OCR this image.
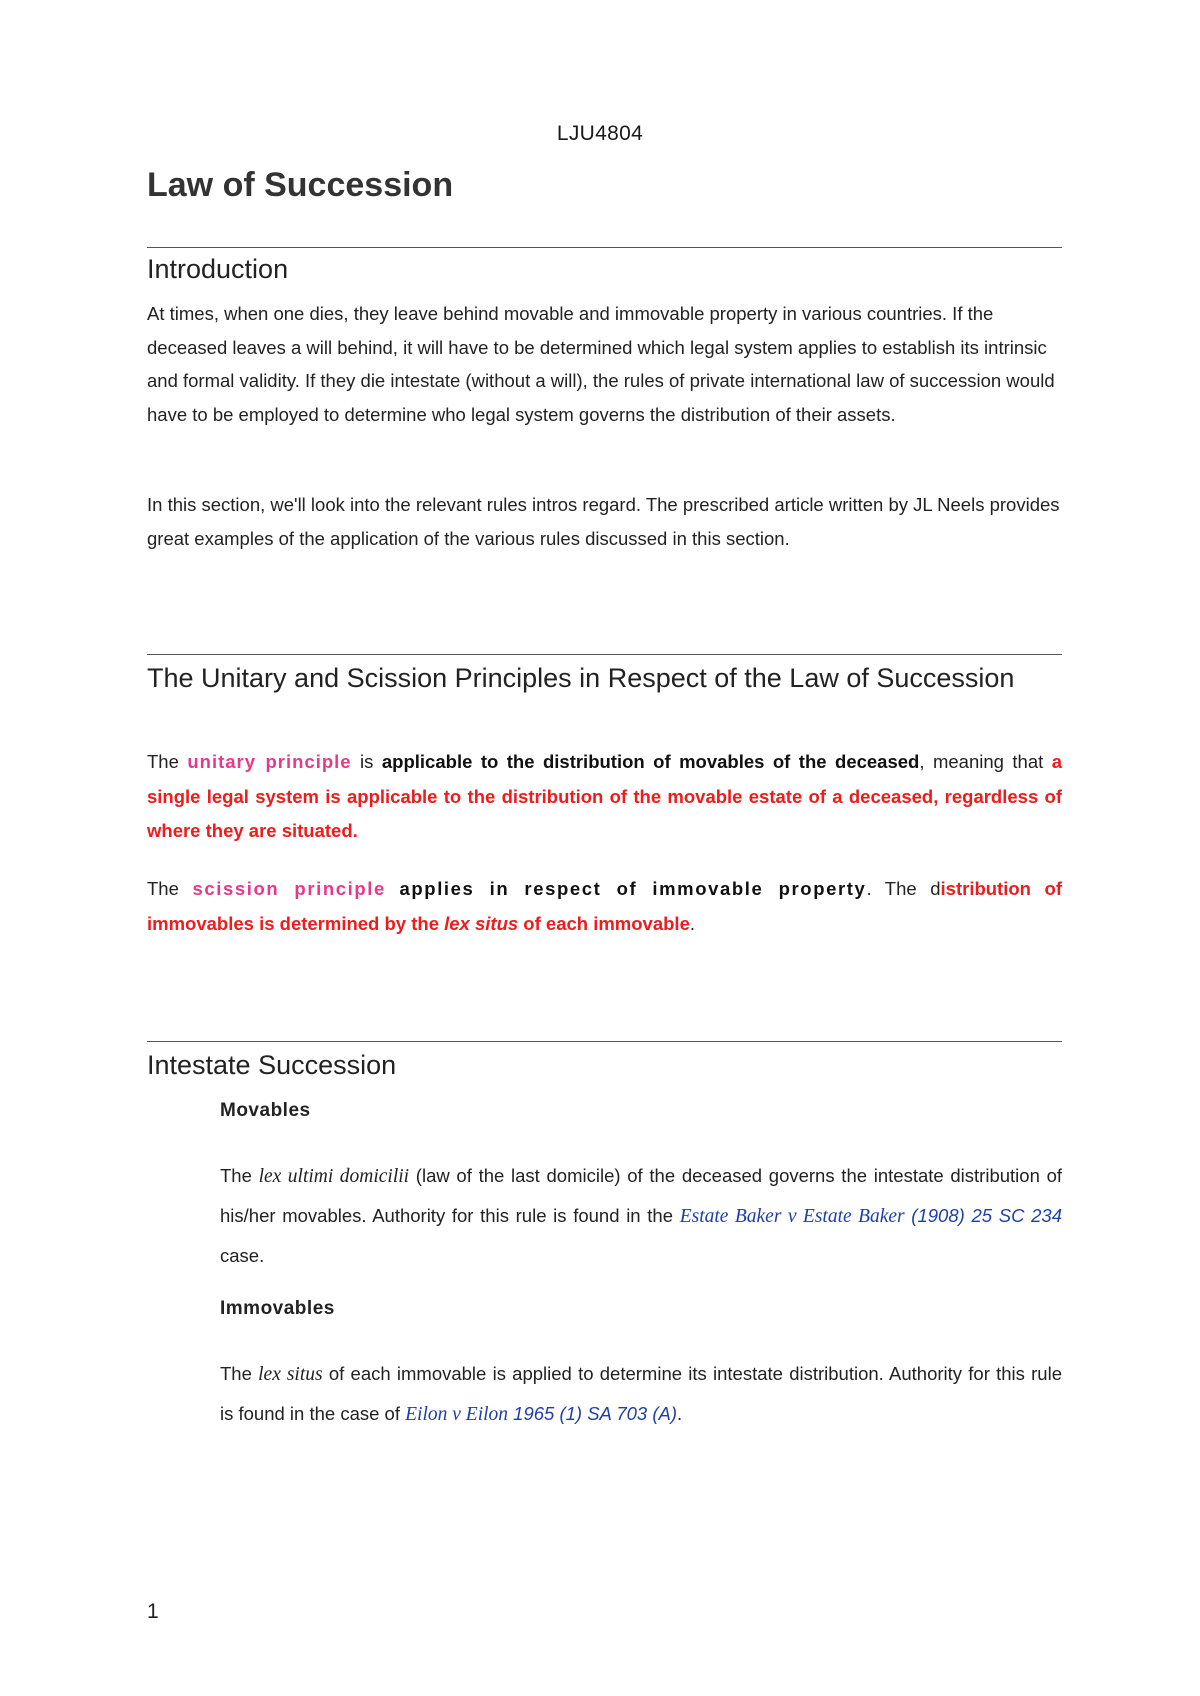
LJU4804
Law of Succession
Introduction

At times, when one dies, they leave behind movable and immovable property in various countries. If the deceased leaves a will behind, it will have to be determined which legal system applies to establish its intrinsic and formal validity. If they die intestate (without a will), the rules of private international law of succession would have to be employed to determine who legal system governs the distribution of their assets.

In this section, we'll look into the relevant rules intros regard. The prescribed article written by JL Neels provides great examples of the application of the various rules discussed in this section.

The Unitary and Scission Principles in Respect of the Law of Succession

The unitary principle is applicable to the distribution of movables of the deceased, meaning that a single legal system is applicable to the distribution of the movable estate of a deceased, regardless of where they are situated.

The scission principle applies in respect of immovable property. The distribution of immovables is determined by the lex situs of each immovable.

Intestate Succession
Movables

The lex ultimi domicilii (law of the last domicile) of the deceased governs the intestate distribution of his/her movables. Authority for this rule is found in the Estate Baker v Estate Baker (1908) 25 SC 234 case.

Immovables

The lex situs of each immovable is applied to determine its intestate distribution. Authority for this rule is found in the case of Eilon v Eilon 1965 (1) SA 703 (A).

1
